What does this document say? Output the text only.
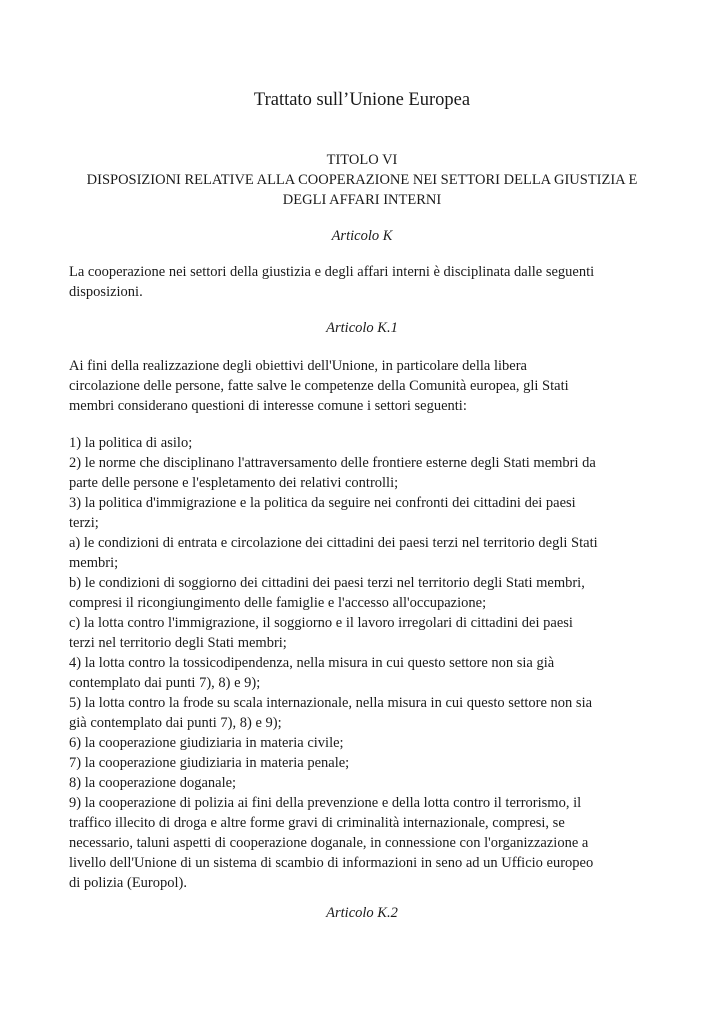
Trattato sull’Unione Europea
TITOLO VI
DISPOSIZIONI RELATIVE ALLA COOPERAZIONE NEI SETTORI DELLA GIUSTIZIA E
DEGLI AFFARI INTERNI

Articolo K

La cooperazione nei settori della giustizia e degli affari interni è disciplinata dalle seguenti
disposizioni.

Articolo K.1

Ai fini della realizzazione degli obiettivi dell'Unione, in particolare della libera
circolazione delle persone, fatte salve le competenze della Comunità europea, gli Stati
membri considerano questioni di interesse comune i settori seguenti:

1) la politica di asilo;
2) le norme che disciplinano l'attraversamento delle frontiere esterne degli Stati membri da
parte delle persone e l'espletamento dei relativi controlli;
3) la politica d'immigrazione e la politica da seguire nei confronti dei cittadini dei paesi
terzi;
a) le condizioni di entrata e circolazione dei cittadini dei paesi terzi nel territorio degli Stati
membri;
b) le condizioni di soggiorno dei cittadini dei paesi terzi nel territorio degli Stati membri,
compresi il ricongiungimento delle famiglie e l'accesso all'occupazione;
c) la lotta contro l'immigrazione, il soggiorno e il lavoro irregolari di cittadini dei paesi
terzi nel territorio degli Stati membri;
4) la lotta contro la tossicodipendenza, nella misura in cui questo settore non sia già
contemplato dai punti 7), 8) e 9);
5) la lotta contro la frode su scala internazionale, nella misura in cui questo settore non sia
già contemplato dai punti 7), 8) e 9);
6) la cooperazione giudiziaria in materia civile;
7) la cooperazione giudiziaria in materia penale;
8) la cooperazione doganale;
9) la cooperazione di polizia ai fini della prevenzione e della lotta contro il terrorismo, il
traffico illecito di droga e altre forme gravi di criminalità internazionale, compresi, se
necessario, taluni aspetti di cooperazione doganale, in connessione con l'organizzazione a
livello dell'Unione di un sistema di scambio di informazioni in seno ad un Ufficio europeo
di polizia (Europol).

Articolo K.2
